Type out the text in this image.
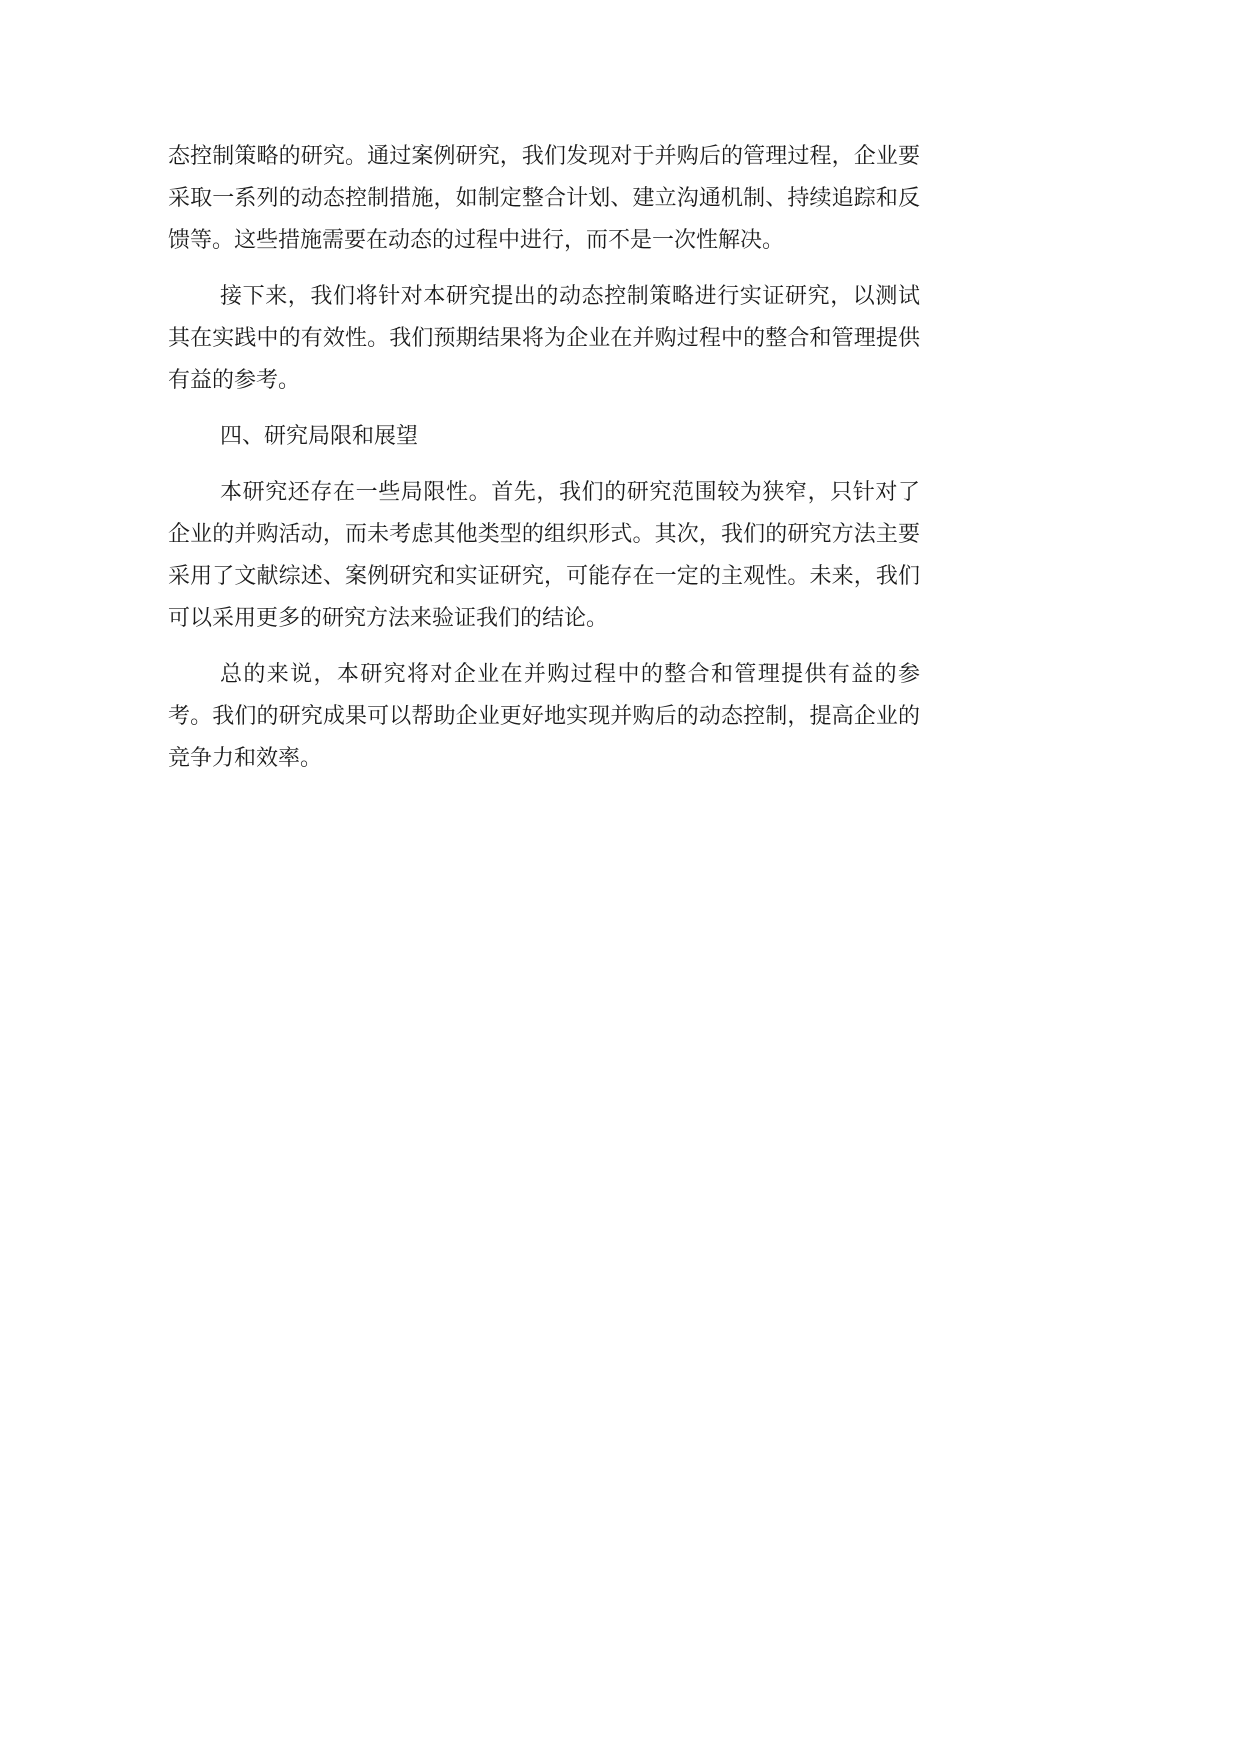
态控制策略的研究。通过案例研究，我们发现对于并购后的管理过程，企业要采取一系列的动态控制措施，如制定整合计划、建立沟通机制、持续追踪和反馈等。这些措施需要在动态的过程中进行，而不是一次性解决。

接下来，我们将针对本研究提出的动态控制策略进行实证研究，以测试其在实践中的有效性。我们预期结果将为企业在并购过程中的整合和管理提供有益的参考。

四、研究局限和展望

本研究还存在一些局限性。首先，我们的研究范围较为狭窄，只针对了企业的并购活动，而未考虑其他类型的组织形式。其次，我们的研究方法主要采用了文献综述、案例研究和实证研究，可能存在一定的主观性。未来，我们可以采用更多的研究方法来验证我们的结论。

总的来说，本研究将对企业在并购过程中的整合和管理提供有益的参考。我们的研究成果可以帮助企业更好地实现并购后的动态控制，提高企业的竞争力和效率。
